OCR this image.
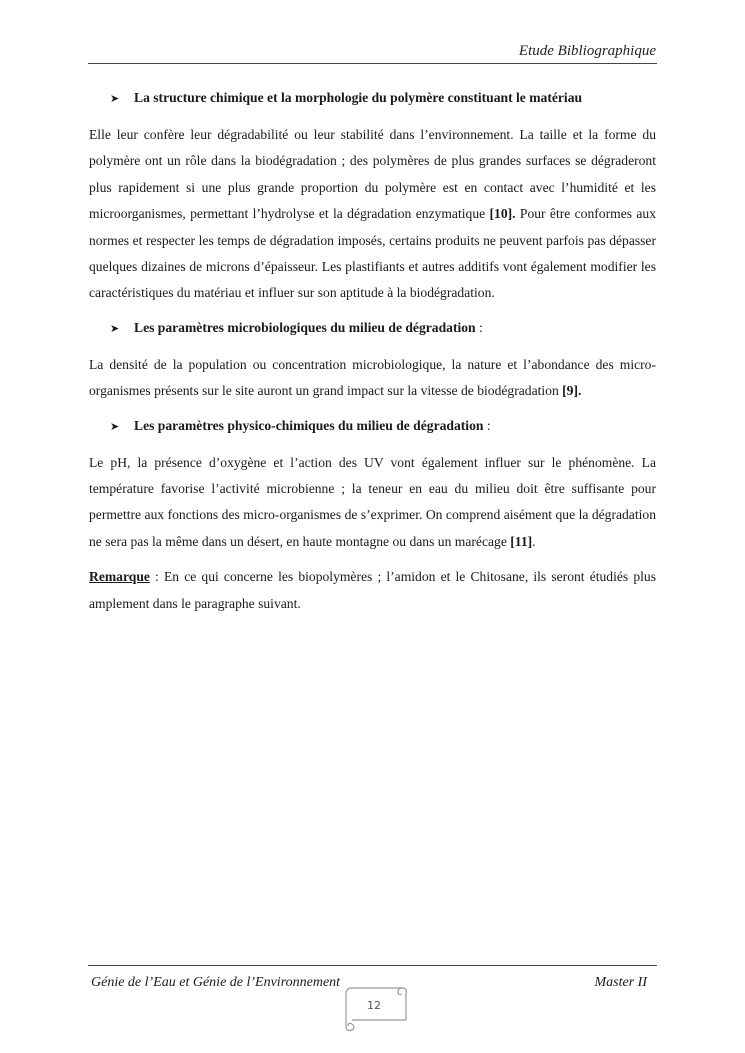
Etude Bibliographique
➤	La structure chimique et la morphologie du polymère constituant le matériau

Elle leur confère leur dégradabilité ou leur stabilité dans l’environnement. La taille et la forme du polymère ont un rôle dans la biodégradation ; des polymères de plus grandes surfaces se dégraderont plus rapidement si une plus grande proportion du polymère est en contact avec l’humidité et les microorganismes, permettant l’hydrolyse et la dégradation enzymatique [10]. Pour être conformes aux normes et respecter les temps de dégradation imposés, certains produits ne peuvent parfois pas dépasser quelques dizaines de microns d’épaisseur. Les plastifiants et autres additifs vont également modifier les caractéristiques du matériau et influer sur son aptitude à la biodégradation.

➤	Les paramètres microbiologiques du milieu de dégradation :

La densité de la population ou concentration microbiologique, la nature et l’abondance des micro-organismes présents sur le site auront un grand impact sur la vitesse de biodégradation [9].

➤	Les paramètres physico-chimiques du milieu de dégradation :

Le pH, la présence d’oxygène et l’action des UV vont également influer sur le phénomène. La température favorise l’activité microbienne ; la teneur en eau du milieu doit être suffisante pour permettre aux fonctions des micro-organismes de s’exprimer. On comprend aisément que la dégradation ne sera pas la même dans un désert, en haute montagne ou dans un marécage [11].

Remarque : En ce qui concerne les biopolymères ; l’amidon et le Chitosane, ils seront étudiés plus amplement dans le paragraphe suivant.

Génie de l’Eau et Génie de l’Environnement	Master II
12
